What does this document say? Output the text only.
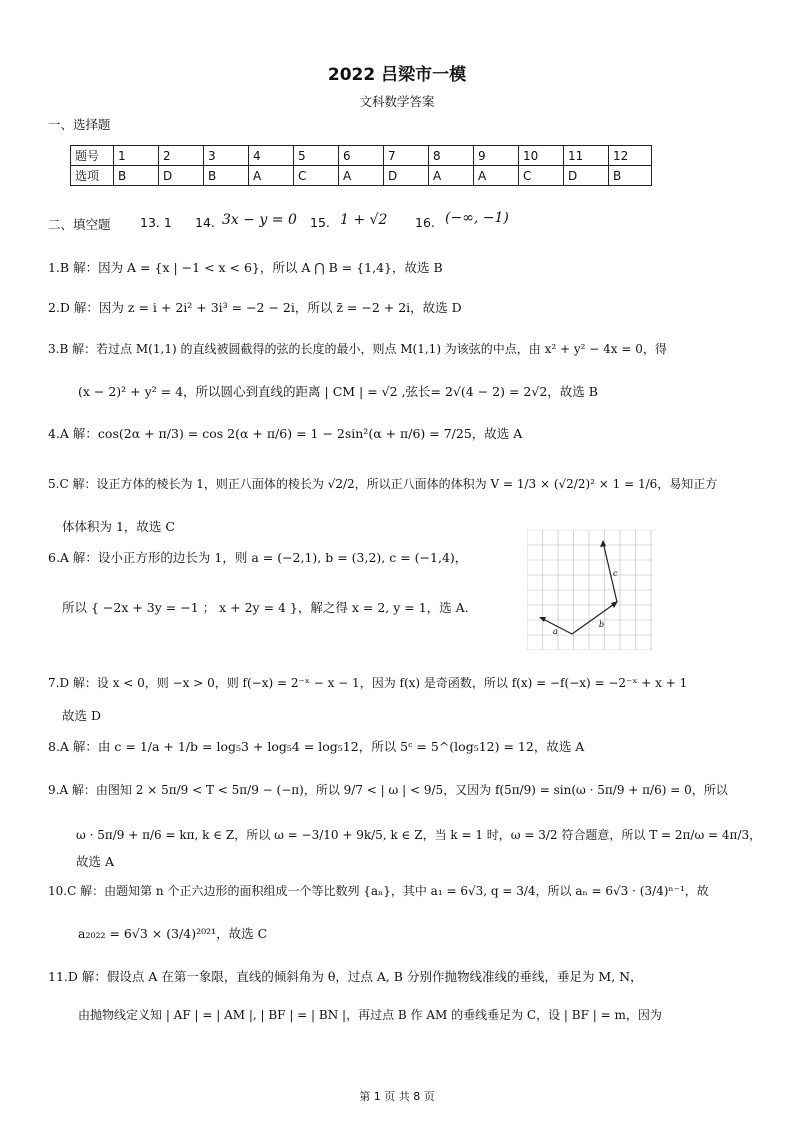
2022 吕梁市一模
文科数学答案
一、选择题
题号	1	2	3	4	5	6	7	8	9	10	11	12
选项	B	D	B	A	C	A	D	A	A	C	D	B
二、填空题 13. 1 14. 3x − y = 0 15. 1 + √2 16. (−∞, −1)
1.B 解：因为 A = {x | −1 < x < 6}，所以 A ⋂ B = {1,4}，故选 B
2.D 解：因为 z = i + 2i² + 3i³ = −2 − 2i，所以 z̄ = −2 + 2i，故选 D
3.B 解：若过点 M(1,1) 的直线被圆截得的弦的长度的最小，则点 M(1,1) 为该弦的中点，由 x² + y² − 4x = 0，得
(x − 2)² + y² = 4，所以圆心到直线的距离 | CM | = √2 ,弦长= 2√(4 − 2) = 2√2，故选 B
4.A 解：cos(2α + π/3) = cos 2(α + π/6) = 1 − 2sin²(α + π/6) = 7/25，故选 A
5.C 解：设正方体的棱长为 1，则正八面体的棱长为 √2/2，所以正八面体的体积为 V = 1/3 × (√2/2)² × 1 = 1/6，易知正方
体体积为 1，故选 C
6.A 解：设小正方形的边长为 1，则 a = (−2,1), b = (3,2), c = (−1,4)，
所以 { −2x + 3y = −1 ； x + 2y = 4 }，解之得 x = 2, y = 1，选 A.
c
b
a
7.D 解：设 x < 0，则 −x > 0，则 f(−x) = 2⁻ˣ − x − 1，因为 f(x) 是奇函数，所以 f(x) = −f(−x) = −2⁻ˣ + x + 1
故选 D
8.A 解：由 c = 1/a + 1/b = log₅3 + log₅4 = log₅12，所以 5ᶜ = 5^(log₅12) = 12，故选 A
9.A 解：由图知 2 × 5π/9 < T < 5π/9 − (−π)，所以 9/7 < | ω | < 9/5，又因为 f(5π/9) = sin(ω · 5π/9 + π/6) = 0，所以
ω · 5π/9 + π/6 = kπ, k ∈ Z，所以 ω = −3/10 + 9k/5, k ∈ Z，当 k = 1 时，ω = 3/2 符合题意，所以 T = 2π/ω = 4π/3，
故选 A
10.C 解：由题知第 n 个正六边形的面积组成一个等比数列 {aₙ}，其中 a₁ = 6√3, q = 3/4，所以 aₙ = 6√3 · (3/4)ⁿ⁻¹，故
a₂₀₂₂ = 6√3 × (3/4)²⁰²¹，故选 C
11.D 解：假设点 A 在第一象限，直线的倾斜角为 θ，过点 A, B 分别作抛物线准线的垂线，垂足为 M, N，
由抛物线定义知 | AF | = | AM |, | BF | = | BN |，再过点 B 作 AM 的垂线垂足为 C，设 | BF | = m，因为
第 1 页 共 8 页
